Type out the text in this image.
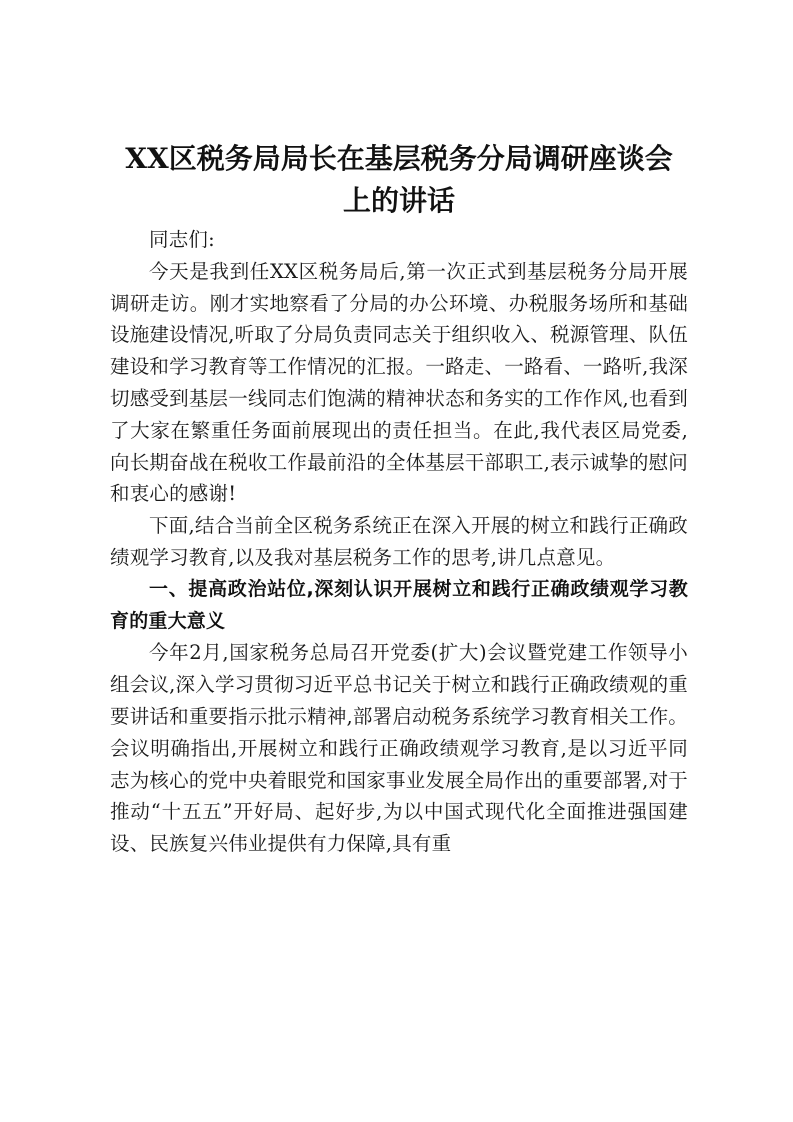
XX区税务局局长在基层税务分局调研座谈会
上的讲话

同志们:

今天是我到任XX区税务局后,第一次正式到基层税务分局开展调研走访。刚才实地察看了分局的办公环境、办税服务场所和基础设施建设情况,听取了分局负责同志关于组织收入、税源管理、队伍建设和学习教育等工作情况的汇报。一路走、一路看、一路听,我深切感受到基层一线同志们饱满的精神状态和务实的工作作风,也看到了大家在繁重任务面前展现出的责任担当。在此,我代表区局党委,向长期奋战在税收工作最前沿的全体基层干部职工,表示诚挚的慰问和衷心的感谢!

下面,结合当前全区税务系统正在深入开展的树立和践行正确政绩观学习教育,以及我对基层税务工作的思考,讲几点意见。

一、提高政治站位,深刻认识开展树立和践行正确政绩观学习教育的重大意义

今年2月,国家税务总局召开党委(扩大)会议暨党建工作领导小组会议,深入学习贯彻习近平总书记关于树立和践行正确政绩观的重要讲话和重要指示批示精神,部署启动税务系统学习教育相关工作。会议明确指出,开展树立和践行正确政绩观学习教育,是以习近平同志为核心的党中央着眼党和国家事业发展全局作出的重要部署,对于推动“十五五”开好局、起好步,为以中国式现代化全面推进强国建设、民族复兴伟业提供有力保障,具有重
